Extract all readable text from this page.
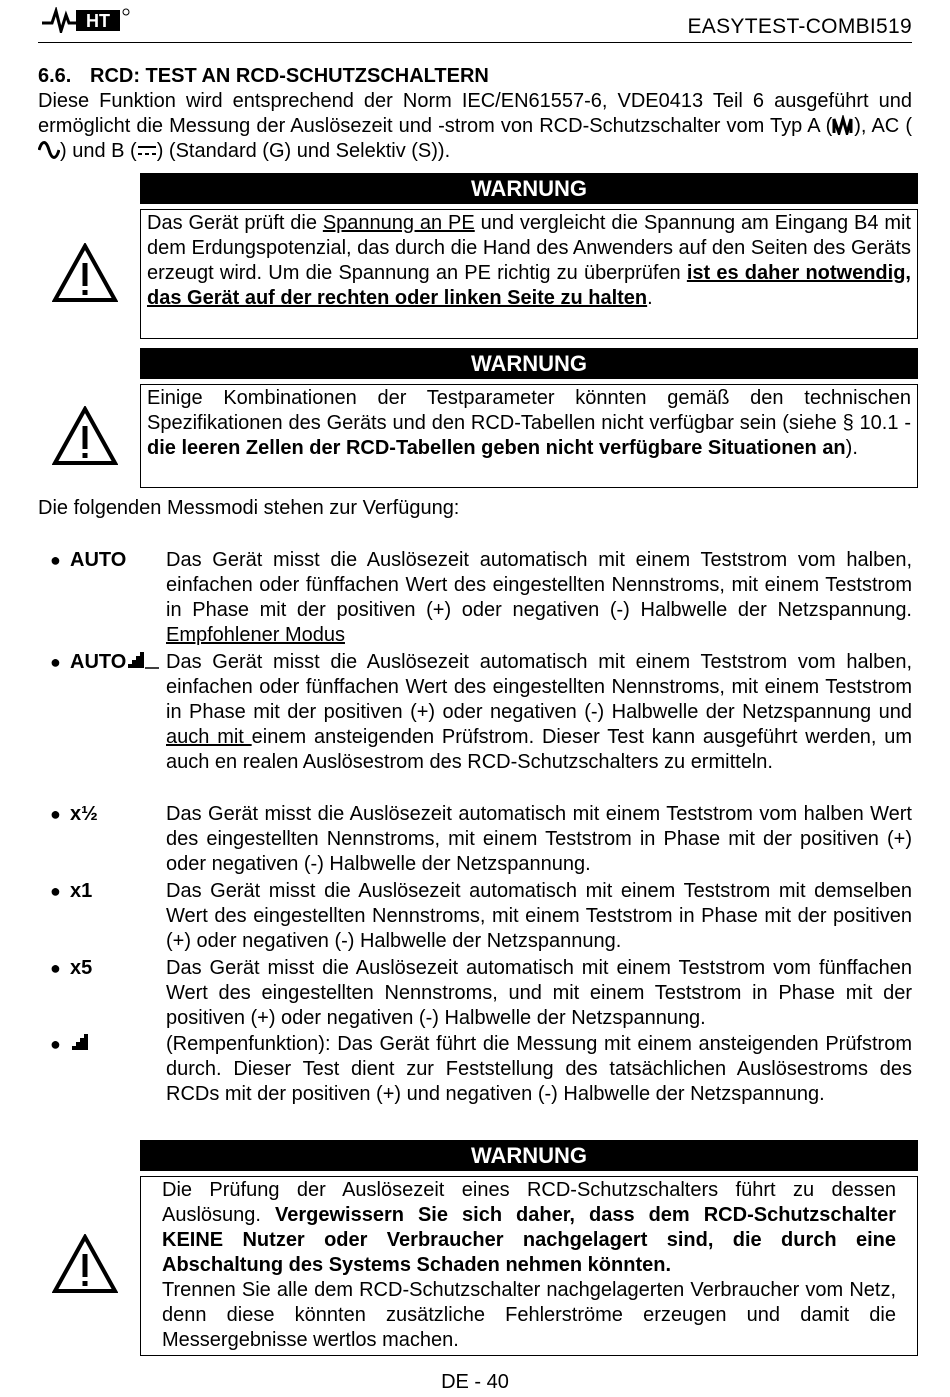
HT	EASYTEST-COMBI519
6.6. RCD: TEST AN RCD-SCHUTZSCHALTERN

Diese Funktion wird entsprechend der Norm IEC/EN61557-6, VDE0413 Teil 6 ausgeführt und ermöglicht die Messung der Auslösezeit und -strom von RCD-Schutzschalter vom Typ A ( ), AC () und B ( ) (Standard (G) und Selektiv (S)).

WARNUNG

Das Gerät prüft die Spannung an PE und vergleicht die Spannung am Eingang B4 mit dem Erdungspotenzial, das durch die Hand des Anwenders auf den Seiten des Geräts erzeugt wird. Um die Spannung an PE richtig zu überprüfen ist es daher notwendig, das Gerät auf der rechten oder linken Seite zu halten.

WARNUNG

Einige Kombinationen der Testparameter könnten gemäß den technischen Spezifikationen des Geräts und den RCD-Tabellen nicht verfügbar sein (siehe § 10.1 - die leeren Zellen der RCD-Tabellen geben nicht verfügbare Situationen an).

Die folgenden Messmodi stehen zur Verfügung:
● AUTO Das Gerät misst die Auslösezeit automatisch mit einem Teststrom vom halben, einfachen oder fünffachen Wert des eingestellten Nennstroms, mit einem Teststrom in Phase mit der positiven (+) oder negativen (-) Halbwelle der Netzspannung. Empfohlener Modus

● AUTO	Das Gerät misst die Auslösezeit automatisch mit einem Teststrom vom halben, einfachen oder fünffachen Wert des eingestellten Nennstroms, mit einem Teststrom in Phase mit der positiven (+) oder negativen (-) Halbwelle der Netzspannung und auch mit einem ansteigenden Prüfstrom. Dieser Test kann ausgeführt werden, um auch en realen Auslösestrom des RCD-Schutzschalters zu ermitteln.

● x½	Das Gerät misst die Auslösezeit automatisch mit einem Teststrom vom halben Wert des eingestellten Nennstroms, mit einem Teststrom in Phase mit der positiven (+) oder negativen (-) Halbwelle der Netzspannung.

● x1	Das Gerät misst die Auslösezeit automatisch mit einem Teststrom mit demselben Wert des eingestellten Nennstroms, mit einem Teststrom in Phase mit der positiven (+) oder negativen (-) Halbwelle der Netzspannung.

● x5	Das Gerät misst die Auslösezeit automatisch mit einem Teststrom vom fünffachen Wert des eingestellten Nennstroms, und mit einem Teststrom in Phase mit der positiven (+) oder negativen (-) Halbwelle der Netzspannung.

●	(Rempenfunktion): Das Gerät führt die Messung mit einem ansteigenden Prüfstrom durch. Dieser Test dient zur Feststellung des tatsächlichen Auslösestroms des RCDs mit der positiven (+) und negativen (-) Halbwelle der Netzspannung.

WARNUNG

Die Prüfung der Auslösezeit eines RCD-Schutzschalters führt zu dessen Auslösung. Vergewissern Sie sich daher, dass dem RCD-Schutzschalter KEINE Nutzer oder Verbraucher nachgelagert sind, die durch eine Abschaltung des Systems Schaden nehmen könnten.

Trennen Sie alle dem RCD-Schutzschalter nachgelagerten Verbraucher vom Netz, denn diese könnten zusätzliche Fehlerströme erzeugen und damit die Messergebnisse wertlos machen.

DE - 40
